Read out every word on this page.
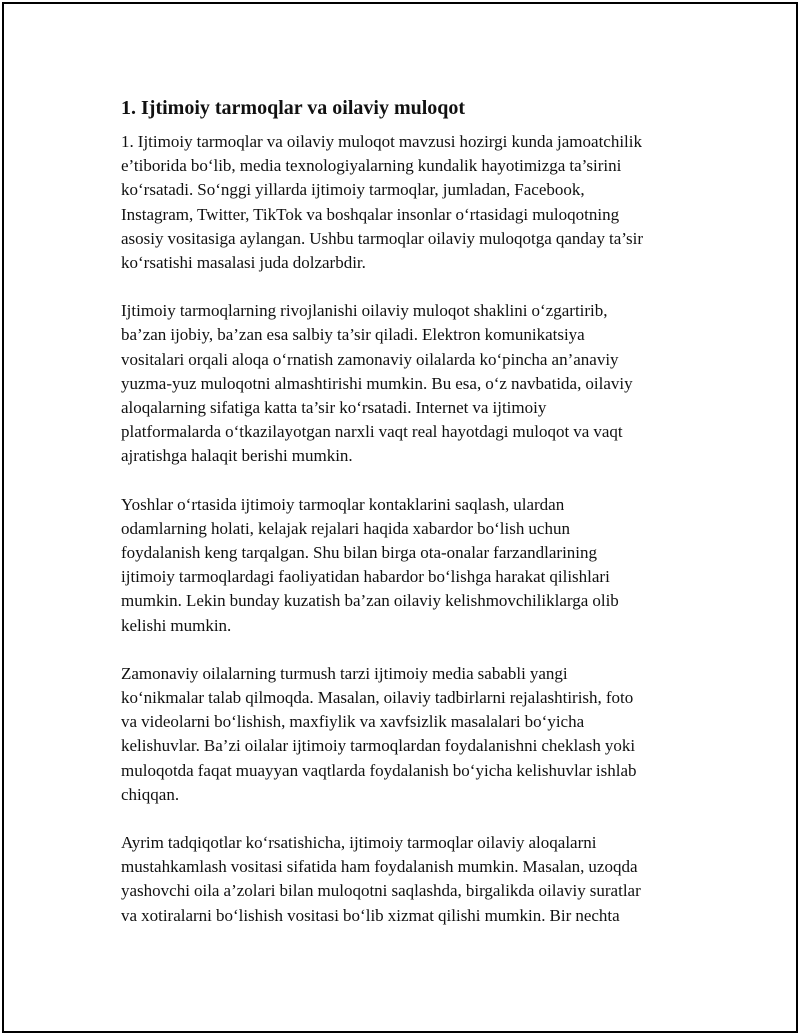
1. Ijtimoiy tarmoqlar va oilaviy muloqot

1. Ijtimoiy tarmoqlar va oilaviy muloqot mavzusi hozirgi kunda jamoatchilik
e’tiborida bo‘lib, media texnologiyalarning kundalik hayotimizga ta’sirini
ko‘rsatadi. So‘nggi yillarda ijtimoiy tarmoqlar, jumladan, Facebook,
Instagram, Twitter, TikTok va boshqalar insonlar o‘rtasidagi muloqotning
asosiy vositasiga aylangan. Ushbu tarmoqlar oilaviy muloqotga qanday ta’sir
ko‘rsatishi masalasi juda dolzarbdir.

Ijtimoiy tarmoqlarning rivojlanishi oilaviy muloqot shaklini o‘zgartirib,
ba’zan ijobiy, ba’zan esa salbiy ta’sir qiladi. Elektron komunikatsiya
vositalari orqali aloqa o‘rnatish zamonaviy oilalarda ko‘pincha an’anaviy
yuzma-yuz muloqotni almashtirishi mumkin. Bu esa, o‘z navbatida, oilaviy
aloqalarning sifatiga katta ta’sir ko‘rsatadi. Internet va ijtimoiy
platformalarda o‘tkazilayotgan narxli vaqt real hayotdagi muloqot va vaqt
ajratishga halaqit berishi mumkin.

Yoshlar o‘rtasida ijtimoiy tarmoqlar kontaklarini saqlash, ulardan
odamlarning holati, kelajak rejalari haqida xabardor bo‘lish uchun
foydalanish keng tarqalgan. Shu bilan birga ota-onalar farzandlarining
ijtimoiy tarmoqlardagi faoliyatidan habardor bo‘lishga harakat qilishlari
mumkin. Lekin bunday kuzatish ba’zan oilaviy kelishmovchiliklarga olib
kelishi mumkin.

Zamonaviy oilalarning turmush tarzi ijtimoiy media sababli yangi
ko‘nikmalar talab qilmoqda. Masalan, oilaviy tadbirlarni rejalashtirish, foto
va videolarni bo‘lishish, maxfiylik va xavfsizlik masalalari bo‘yicha
kelishuvlar. Ba’zi oilalar ijtimoiy tarmoqlardan foydalanishni cheklash yoki
muloqotda faqat muayyan vaqtlarda foydalanish bo‘yicha kelishuvlar ishlab
chiqqan.

Ayrim tadqiqotlar ko‘rsatishicha, ijtimoiy tarmoqlar oilaviy aloqalarni
mustahkamlash vositasi sifatida ham foydalanish mumkin. Masalan, uzoqda
yashovchi oila a’zolari bilan muloqotni saqlashda, birgalikda oilaviy suratlar
va xotiralarni bo‘lishish vositasi bo‘lib xizmat qilishi mumkin. Bir nechta
